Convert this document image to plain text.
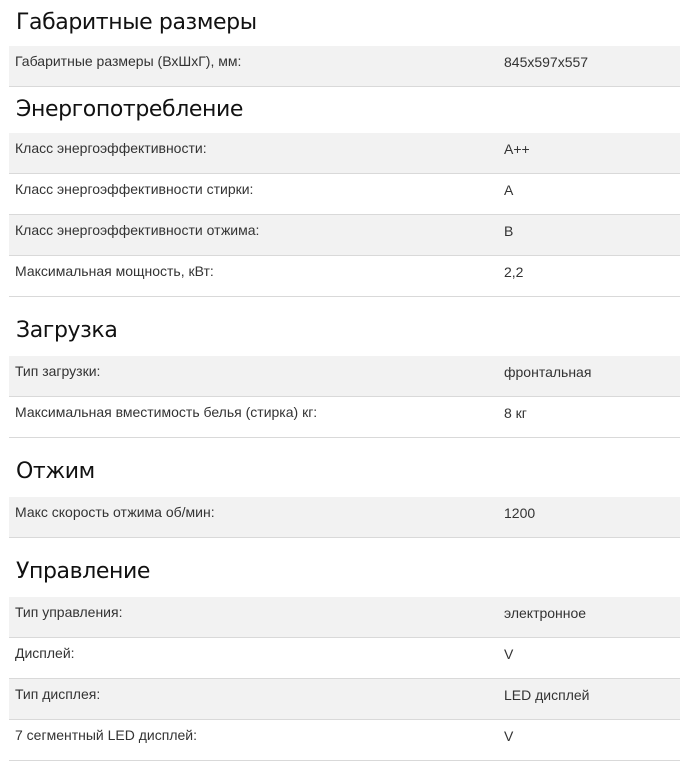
Габаритные размеры
Габаритные размеры (ВхШхГ), мм:	845x597x557
Энергопотребление
Класс энергоэффективности:	A++
Класс энергоэффективности стирки:	A
Класс энергоэффективности отжима:	B
Максимальная мощность, кВт:	2,2
Загрузка
Тип загрузки:	фронтальная
Максимальная вместимость белья (стирка) кг:	8 кг
Отжим
Макс скорость отжима об/мин:	1200
Управление
Тип управления:	электронное
Дисплей:	V
Тип дисплея:	LED дисплей
7 сегментный LED дисплей:	V
